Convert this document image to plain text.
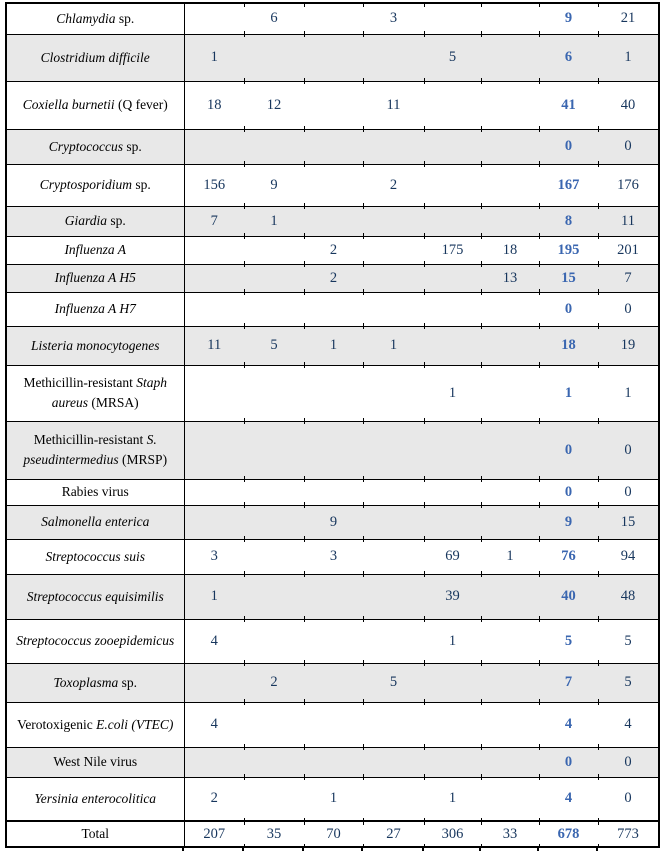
Chlamydia sp.		6		3			9	21
Clostridium difficile	1				5		6	1
Coxiella burnetii (Q fever)	18	12		11			41	40
Cryptococcus sp.							0	0
Cryptosporidium sp.	156	9		2			167	176
Giardia sp.	7	1					8	11
Influenza A			2		175	18	195	201
Influenza A H5			2			13	15	7
Influenza A H7							0	0
Listeria monocytogenes	11	5	1	1			18	19
Methicillin-resistant Staph aureus (MRSA)					1		1	1
Methicillin-resistant S. pseudintermedius (MRSP)							0	0
Rabies virus							0	0
Salmonella enterica			9				9	15
Streptococcus suis	3		3		69	1	76	94
Streptococcus equisimilis	1				39		40	48
Streptococcus zooepidemicus	4				1		5	5
Toxoplasma sp.		2		5			7	5
Verotoxigenic E.coli (VTEC)	4						4	4
West Nile virus							0	0
Yersinia enterocolitica	2		1		1		4	0
Total	207	35	70	27	306	33	678	773
